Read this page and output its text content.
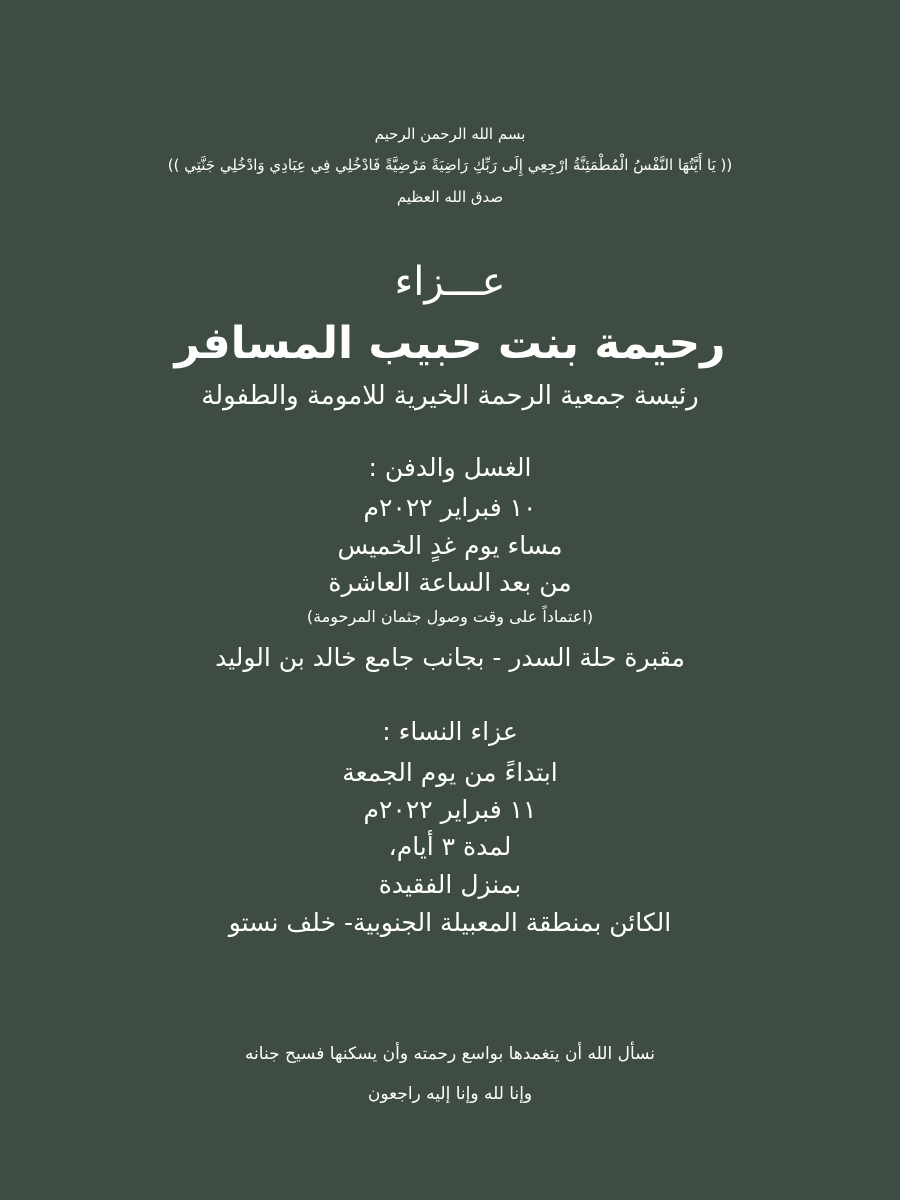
بسم الله الرحمن الرحيم
(( يَا أَيَّتُهَا النَّفْسُ الْمُطْمَئِنَّةُ ارْجِعِي إِلَى رَبِّكِ رَاضِيَةً مَرْضِيَّةً فَادْخُلِي فِي عِبَادِي وَادْخُلِي جَنَّتِي ))
صدق الله العظيم
عـــزاء
رحيمة بنت حبيب المسافر
رئيسة جمعية الرحمة الخيرية للامومة والطفولة
الغسل والدفن :
١٠ فبراير ٢٠٢٢م
مساء يوم غدٍ الخميس
من بعد الساعة العاشرة
(اعتماداً على وقت وصول جثمان المرحومة)
مقبرة حلة السدر - بجانب جامع خالد بن الوليد
عزاء النساء :
ابتداءً من يوم الجمعة
١١ فبراير ٢٠٢٢م
لمدة ٣ أيام،
بمنزل الفقيدة
الكائن بمنطقة المعبيلة الجنوبية- خلف نستو
نسأل الله أن يتغمدها بواسع رحمته وأن يسكنها فسيح جنانه
وإنا لله وإنا إليه راجعون
